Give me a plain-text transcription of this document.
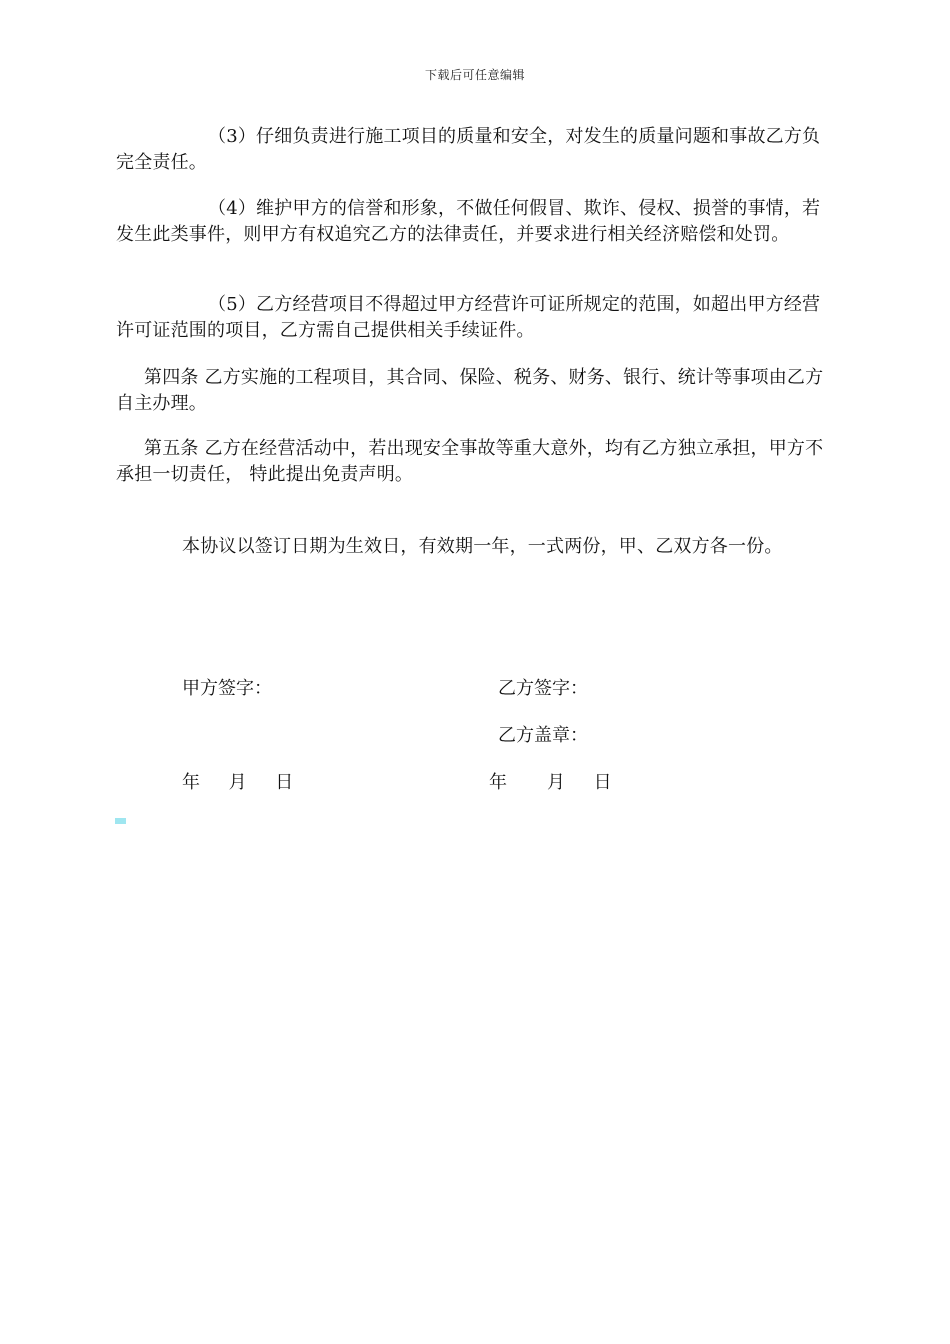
下载后可任意编辑
（3）仔细负责进行施工项目的质量和安全，对发生的质量问题和事故乙方负完全责任。
（4）维护甲方的信誉和形象，不做任何假冒、欺诈、侵权、损誉的事情，若发生此类事件，则甲方有权追究乙方的法律责任，并要求进行相关经济赔偿和处罚。
（5）乙方经营项目不得超过甲方经营许可证所规定的范围，如超出甲方经营许可证范围的项目，乙方需自己提供相关手续证件。
第四条 乙方实施的工程项目，其合同、保险、税务、财务、银行、统计等事项由乙方自主办理。
第五条 乙方在经营活动中，若出现安全事故等重大意外，均有乙方独立承担，甲方不承担一切责任， 特此提出免责声明。
本协议以签订日期为生效日，有效期一年，一式两份，甲、乙双方各一份。
甲方签字：	乙方签字：
乙方盖章：
年     月     日	年       月     日
